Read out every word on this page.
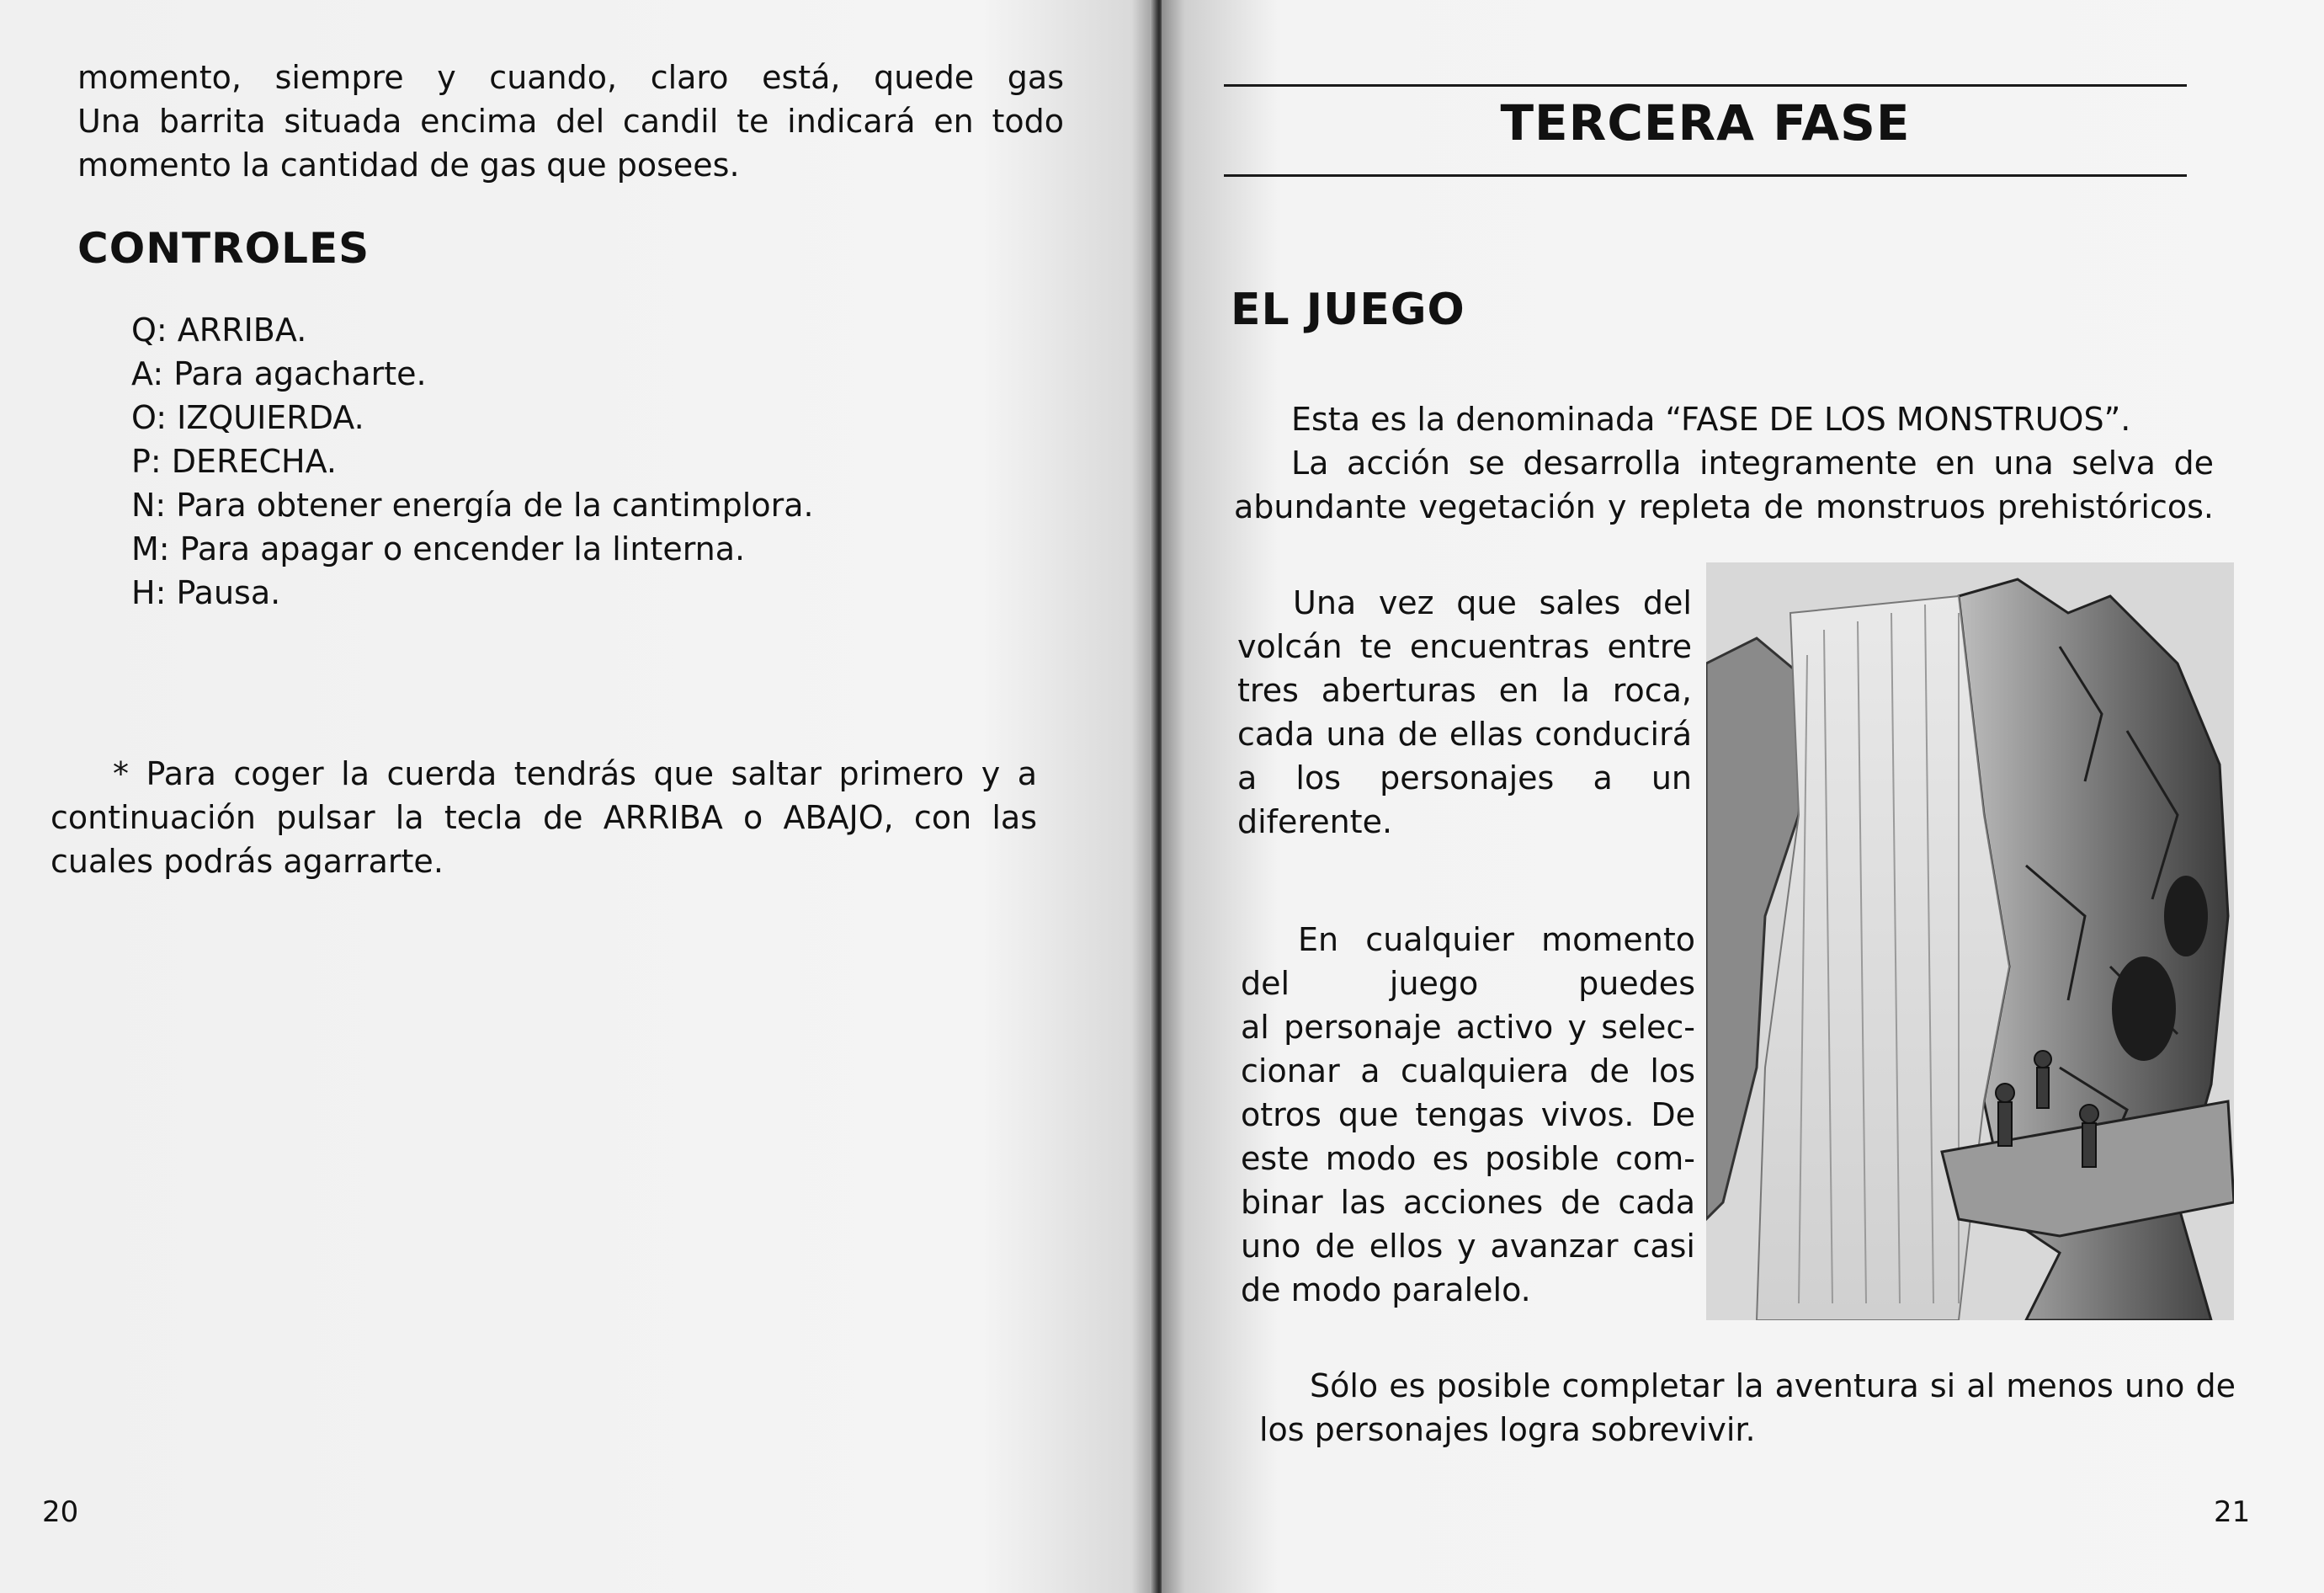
momento, siempre y cuando, claro está, quede gas
Una barrita situada encima del candil te indicará en todo
momento la cantidad de gas que posees.
CONTROLES
Q: ARRIBA.
A: Para agacharte.
O: IZQUIERDA.
P: DERECHA.
N: Para obtener energía de la cantimplora.
M: Para apagar o encender la linterna.
H: Pausa.
* Para coger la cuerda tendrás que saltar primero y a
continuación pulsar la tecla de ARRIBA o ABAJO, con las
cuales podrás agarrarte.
20
TERCERA FASE
EL JUEGO
Esta es la denominada “FASE DE LOS MONSTRUOS”.
La acción se desarrolla integramente en una selva de
abundante vegetación y repleta de monstruos prehistóricos.
Una vez que sales del
volcán te encuentras entre
tres aberturas en la roca,
cada una de ellas conducirá
a los personajes a un
diferente.
En cualquier momento
del juego puedes
al personaje activo y selec-
cionar a cualquiera de los
otros que tengas vivos. De
este modo es posible com-
binar las acciones de cada
uno de ellos y avanzar casi
de modo paralelo.
Sólo es posible completar la aventura si al menos uno de
los personajes logra sobrevivir.
21
